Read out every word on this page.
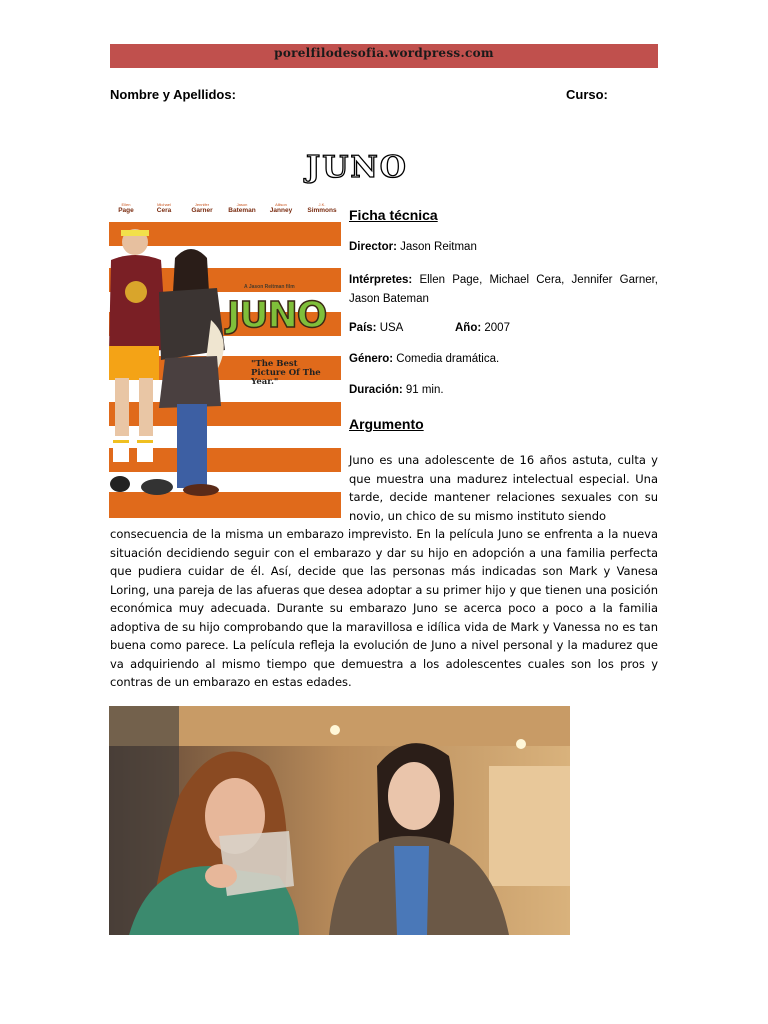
porelfilodesofia.wordpress.com
Nombre y Apellidos:	Curso:
JUNO
Ellen
Page
Michael
Cera
Jennifer
Garner
Jason
Bateman
Allison
Janney
J.K.
Simmons
A Jason Reitman film
JUNO
"The Best Picture Of The Year."
Ficha técnica
Director: Jason Reitman
Intérpretes: Ellen Page, Michael Cera, Jennifer Garner, Jason Bateman
País: USA	Año: 2007
Género: Comedia dramática.
Duración: 91 min.
Argumento
Juno es una adolescente de 16 años astuta, culta y que muestra una madurez intelectual especial. Una tarde, decide mantener relaciones sexuales con su novio, un chico de su mismo instituto siendo
consecuencia de la misma un embarazo imprevisto. En la película Juno se enfrenta a la nueva situación decidiendo seguir con el embarazo y dar su hijo en adopción a una familia perfecta que pudiera cuidar de él. Así, decide que las personas más indicadas son Mark y Vanesa Loring, una pareja de las afueras que desea adoptar a su primer hijo y que tienen una posición económica muy adecuada. Durante su embarazo Juno se acerca poco a poco a la familia adoptiva de su hijo comprobando que la maravillosa e idílica vida de Mark y Vanessa no es tan buena como parece. La película refleja la evolución de Juno a nivel personal y la madurez que va adquiriendo al mismo tiempo que demuestra a los adolescentes cuales son los pros y contras de un embarazo en estas edades.
